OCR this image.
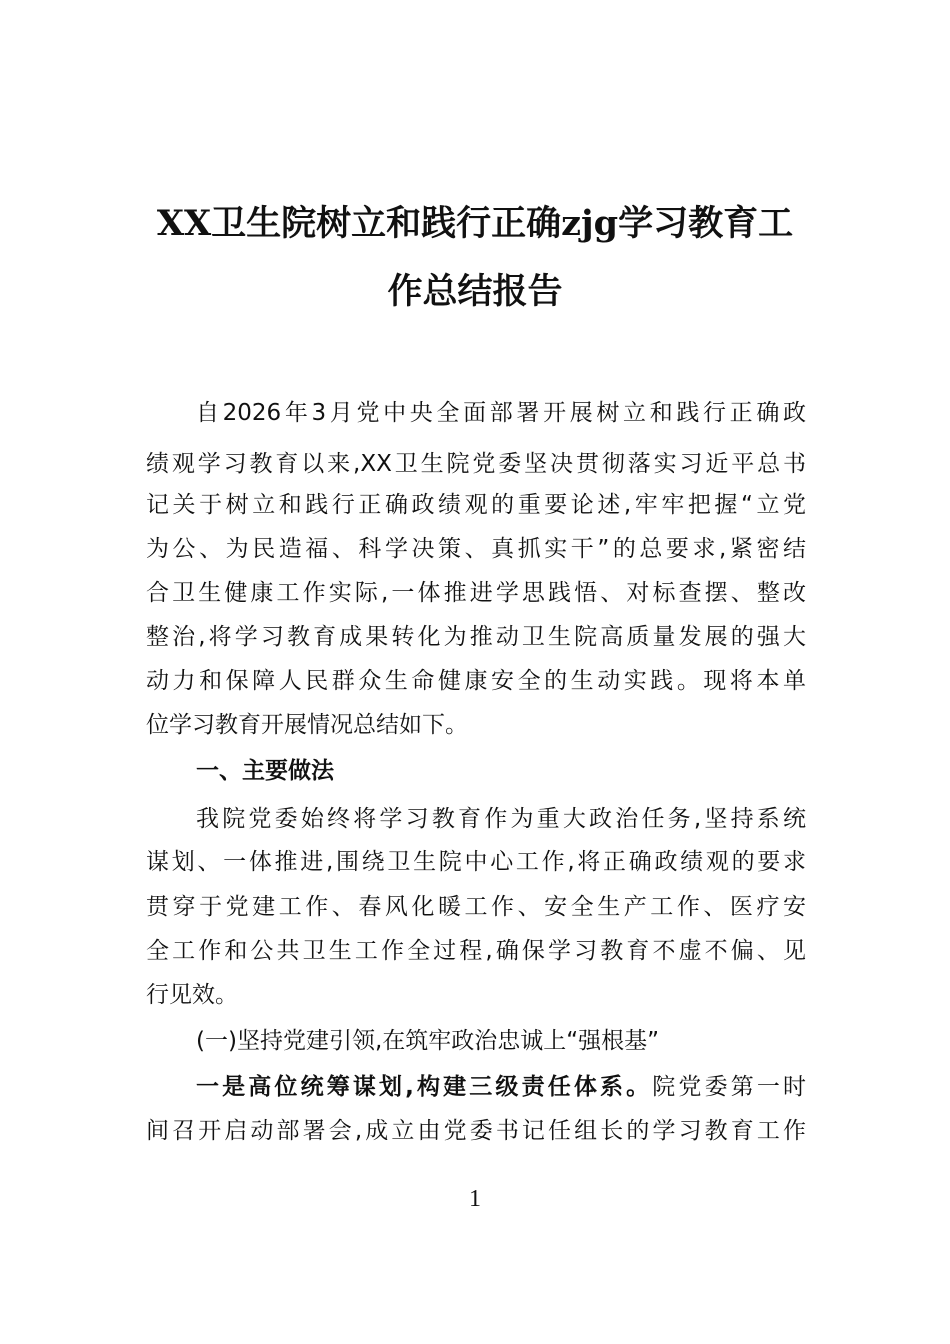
XX卫生院树立和践行正确zjg学习教育工
作总结报告
自2026年3月党中央全面部署开展树立和践行正确政
绩观学习教育以来,XX卫生院党委坚决贯彻落实习近平总书
记关于树立和践行正确政绩观的重要论述,牢牢把握“立党
为公、为民造福、科学决策、真抓实干”的总要求,紧密结
合卫生健康工作实际,一体推进学思践悟、对标查摆、整改
整治,将学习教育成果转化为推动卫生院高质量发展的强大
动力和保障人民群众生命健康安全的生动实践。现将本单
位学习教育开展情况总结如下。
一、主要做法
我院党委始终将学习教育作为重大政治任务,坚持系统
谋划、一体推进,围绕卫生院中心工作,将正确政绩观的要求
贯穿于党建工作、春风化暖工作、安全生产工作、医疗安
全工作和公共卫生工作全过程,确保学习教育不虚不偏、见
行见效。
(一)坚持党建引领,在筑牢政治忠诚上“强根基”
一是高位统筹谋划,构建三级责任体系。院党委第一时
间召开启动部署会,成立由党委书记任组长的学习教育工作
1
